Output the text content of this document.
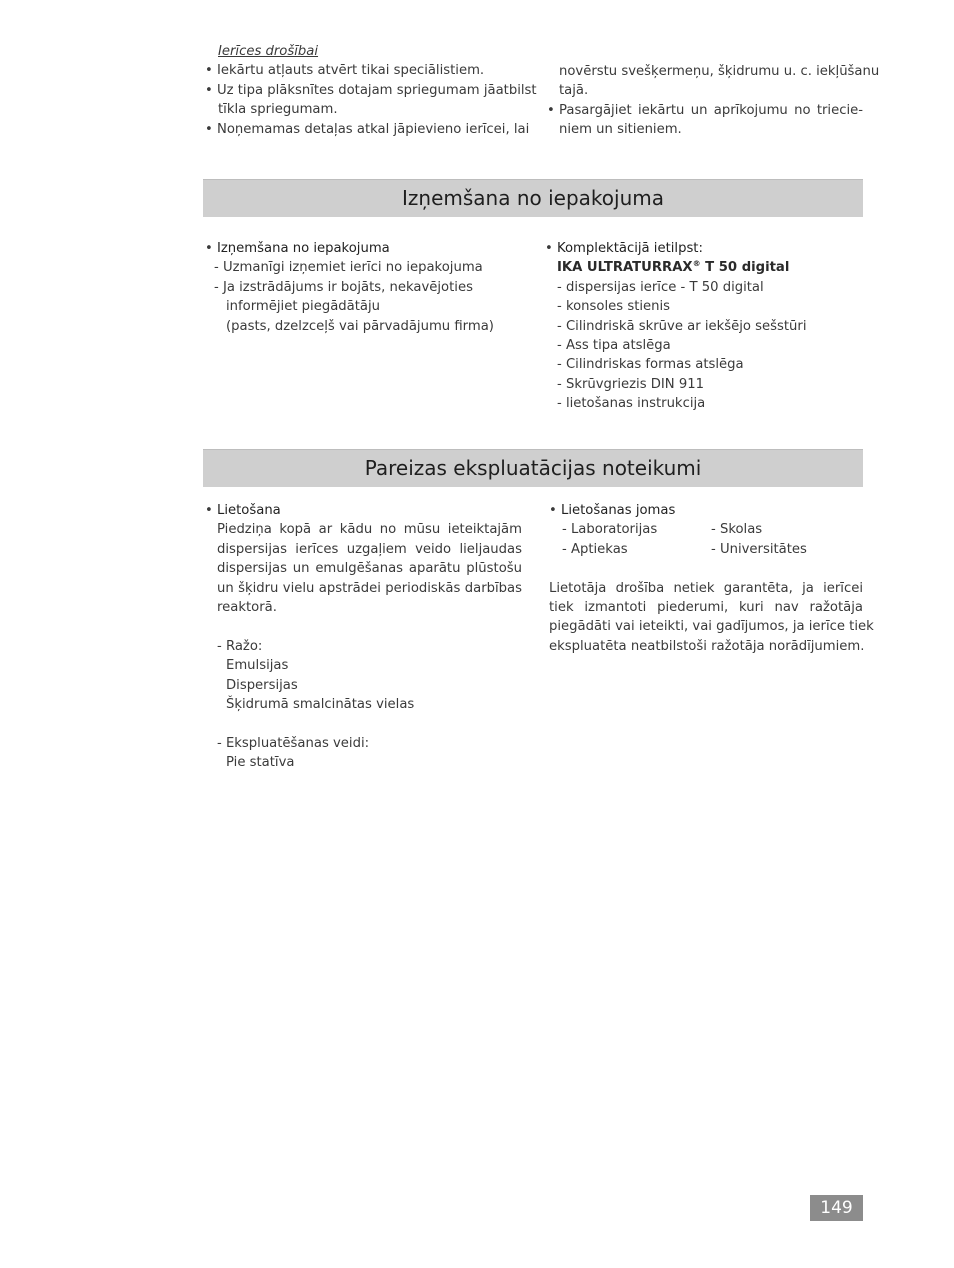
Ierīces drošībai
• Iekārtu atļauts atvērt tikai speciālistiem.
• Uz tipa plāksnītes dotajam spriegumam jāatbilst
tīkla spriegumam.
• Noņemamas detaļas atkal jāpievieno ierīcei, lai
novērstu svešķermeņu, šķidrumu u. c. iekļūšanu
tajā.
• Pasargājiet iekārtu un aprīkojumu no triecie-
niem un sitieniem.
Izņemšana no iepakojuma
• Izņemšana no iepakojuma
- Uzmanīgi izņemiet ierīci no iepakojuma
- Ja izstrādājums ir bojāts, nekavējoties
informējiet piegādātāju
(pasts, dzelzceļš vai pārvadājumu firma)
• Komplektācijā ietilpst:
IKA ULTRATURRAX® T 50 digital
- dispersijas ierīce - T 50 digital
- konsoles stienis
- Cilindriskā skrūve ar iekšējo sešstūri
- Ass tipa atslēga
- Cilindriskas formas atslēga
- Skrūvgriezis DIN 911
- lietošanas instrukcija
Pareizas ekspluatācijas noteikumi
• Lietošana
Piedziņa kopā ar kādu no mūsu ieteiktajām
dispersijas ierīces uzgaļiem veido lieljaudas
dispersijas un emulgēšanas aparātu plūstošu
un šķidru vielu apstrādei periodiskās darbības
reaktorā.
- Ražo:
Emulsijas
Dispersijas
Šķidrumā smalcinātas vielas
- Ekspluatēšanas veidi:
Pie statīva
• Lietošanas jomas
- Laboratorijas	- Skolas
- Aptiekas	- Universitātes
Lietotāja drošība netiek garantēta, ja ierīcei
tiek izmantoti piederumi, kuri nav ražotāja
piegādāti vai ieteikti, vai gadījumos, ja ierīce tiek
ekspluatēta neatbilstoši ražotāja norādījumiem.
149
